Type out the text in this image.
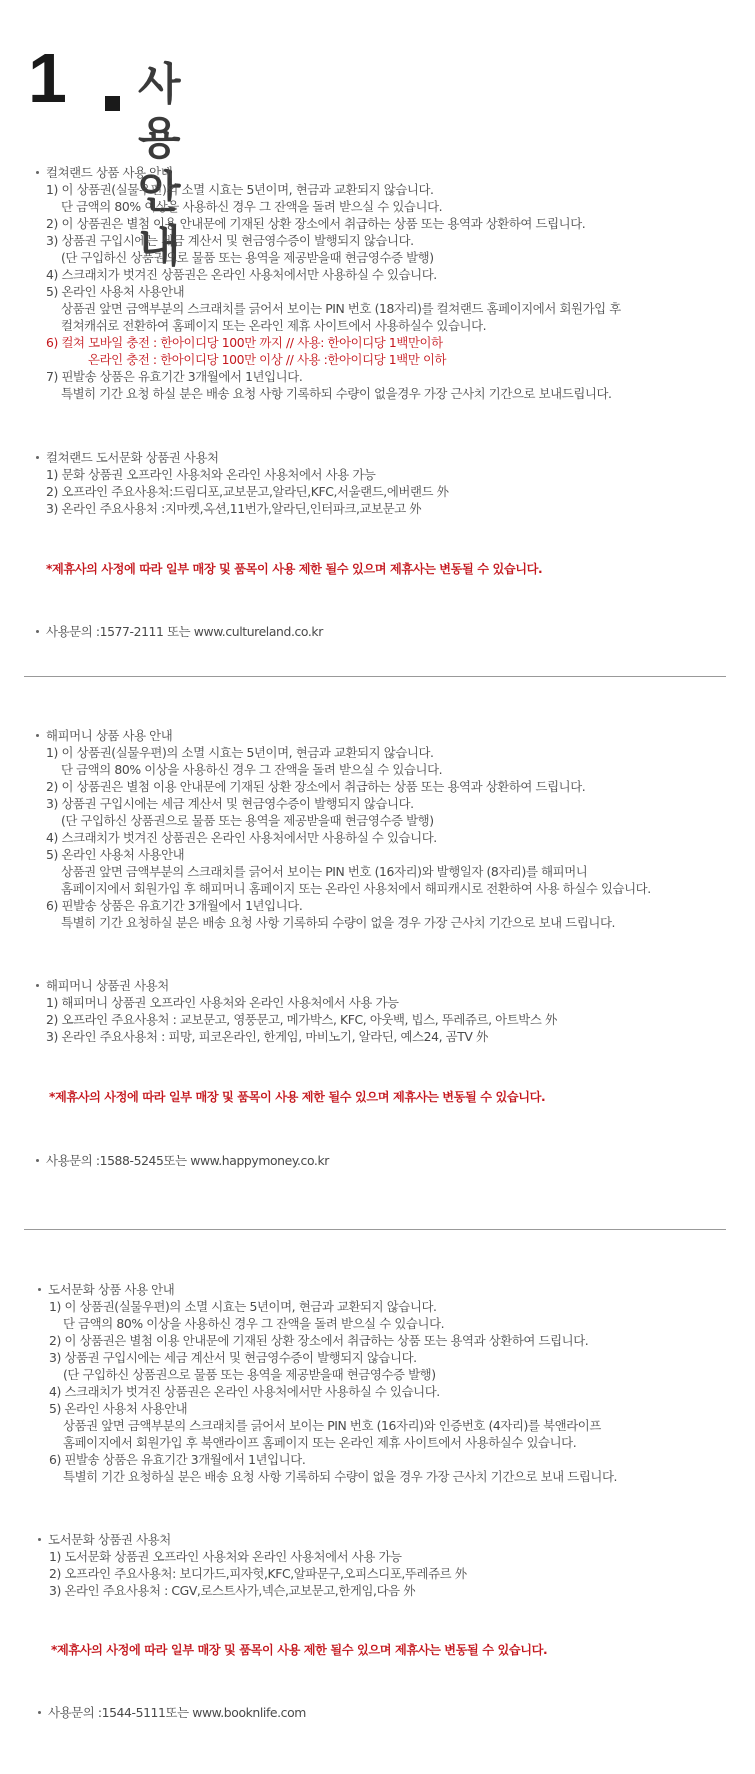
1 사용안내
컬쳐랜드 상품 사용 안내
1) 이 상품권(실물우편)의 소멸 시효는 5년이며, 현금과 교환되지 않습니다.
단 금액의 80% 이상을 사용하신 경우 그 잔액을 돌려 받으실 수 있습니다.
2) 이 상품권은 별첨 이용 안내문에 기재된 상환 장소에서 취급하는 상품 또는 용역과 상환하여 드립니다.
3) 상품권 구입시에는 세금 계산서 및 현금영수증이 발행되지 않습니다.
(단 구입하신 상품권으로 물품 또는 용역을 제공받을때 현금영수증 발행)
4) 스크래치가 벗겨진 상품권은 온라인 사용처에서만 사용하실 수 있습니다.
5) 온라인 사용처 사용안내
상품권 앞면 금액부분의 스크래치를 긁어서 보이는 PIN 번호 (18자리)를 컬쳐랜드 홈페이지에서 회원가입 후
컬쳐캐쉬로 전환하여 홈페이지 또는 온라인 제휴 사이트에서 사용하실수 있습니다.
6) 컬쳐 모바일 충전 : 한아이디당 100만 까지 // 사용: 한아이디당 1백만이하
온라인 충전 : 한아이디당 100만 이상 // 사용 :한아이디당 1백만 이하
7) 핀발송 상품은 유효기간 3개월에서 1년입니다.
특별히 기간 요청 하실 분은 배송 요청 사항 기록하되 수량이 없을경우 가장 근사치 기간으로 보내드립니다.
컬쳐랜드 도서문화 상품권 사용처
1) 문화 상품권 오프라인 사용처와 온라인 사용처에서 사용 가능
2) 오프라인 주요사용처:드림디포,교보문고,알라딘,KFC,서울랜드,에버랜드 外
3) 온라인 주요사용처 :지마켓,옥션,11번가,알라딘,인터파크,교보문고 外
*제휴사의 사정에 따라 일부 매장 및 품목이 사용 제한 될수 있으며 제휴사는 변동될 수 있습니다.
사용문의 :1577-2111 또는 www.cultureland.co.kr
해피머니 상품 사용 안내
1) 이 상품권(실물우편)의 소멸 시효는 5년이며, 현금과 교환되지 않습니다.
단 금액의 80% 이상을 사용하신 경우 그 잔액을 돌려 받으실 수 있습니다.
2) 이 상품권은 별첨 이용 안내문에 기재된 상환 장소에서 취급하는 상품 또는 용역과 상환하여 드립니다.
3) 상품권 구입시에는 세금 계산서 및 현금영수증이 발행되지 않습니다.
(단 구입하신 상품권으로 물품 또는 용역을 제공받을때 현금영수증 발행)
4) 스크래치가 벗겨진 상품권은 온라인 사용처에서만 사용하실 수 있습니다.
5) 온라인 사용처 사용안내
상품권 앞면 금액부분의 스크래치를 긁어서 보이는 PIN 번호 (16자리)와 발행일자 (8자리)를 해피머니
홈페이지에서 회원가입 후 해피머니 홈페이지 또는 온라인 사용처에서 해피캐시로 전환하여 사용 하실수 있습니다.
6) 핀발송 상품은 유효기간 3개월에서 1년입니다.
특별히 기간 요청하실 분은 배송 요청 사항 기록하되 수량이 없을 경우 가장 근사치 기간으로 보내 드립니다.
해피머니 상품권 사용처
1) 해피머니 상품권 오프라인 사용처와 온라인 사용처에서 사용 가능
2) 오프라인 주요사용처 : 교보문고, 영풍문고, 메가박스, KFC, 아웃백, 빕스, 뚜레쥬르, 아트박스 外
3) 온라인 주요사용처 : 피망, 피코온라인, 한게임, 마비노기, 알라딘, 예스24, 곰TV 外
*제휴사의 사정에 따라 일부 매장 및 품목이 사용 제한 될수 있으며 제휴사는 변동될 수 있습니다.
사용문의 :1588-5245또는 www.happymoney.co.kr
도서문화 상품 사용 안내
1) 이 상품권(실물우편)의 소멸 시효는 5년이며, 현금과 교환되지 않습니다.
단 금액의 80% 이상을 사용하신 경우 그 잔액을 돌려 받으실 수 있습니다.
2) 이 상품권은 별첨 이용 안내문에 기재된 상환 장소에서 취급하는 상품 또는 용역과 상환하여 드립니다.
3) 상품권 구입시에는 세금 계산서 및 현금영수증이 발행되지 않습니다.
(단 구입하신 상품권으로 물품 또는 용역을 제공받을때 현금영수증 발행)
4) 스크래치가 벗겨진 상품권은 온라인 사용처에서만 사용하실 수 있습니다.
5) 온라인 사용처 사용안내
상품권 앞면 금액부분의 스크래치를 긁어서 보이는 PIN 번호 (16자리)와 인증번호 (4자리)를 북앤라이프
홈페이지에서 회원가입 후 북앤라이프 홈페이지 또는 온라인 제휴 사이트에서 사용하실수 있습니다.
6) 핀발송 상품은 유효기간 3개월에서 1년입니다.
특별히 기간 요청하실 분은 배송 요청 사항 기록하되 수량이 없을 경우 가장 근사치 기간으로 보내 드립니다.
도서문화 상품권 사용처
1) 도서문화 상품권 오프라인 사용처와 온라인 사용처에서 사용 가능
2) 오프라인 주요사용처: 보디가드,피자헛,KFC,알파문구,오피스디포,뚜레쥬르 外
3) 온라인 주요사용처 : CGV,로스트사가,넥슨,교보문고,한게임,다음 外
*제휴사의 사정에 따라 일부 매장 및 품목이 사용 제한 될수 있으며 제휴사는 변동될 수 있습니다.
사용문의 :1544-5111또는 www.booknlife.com
